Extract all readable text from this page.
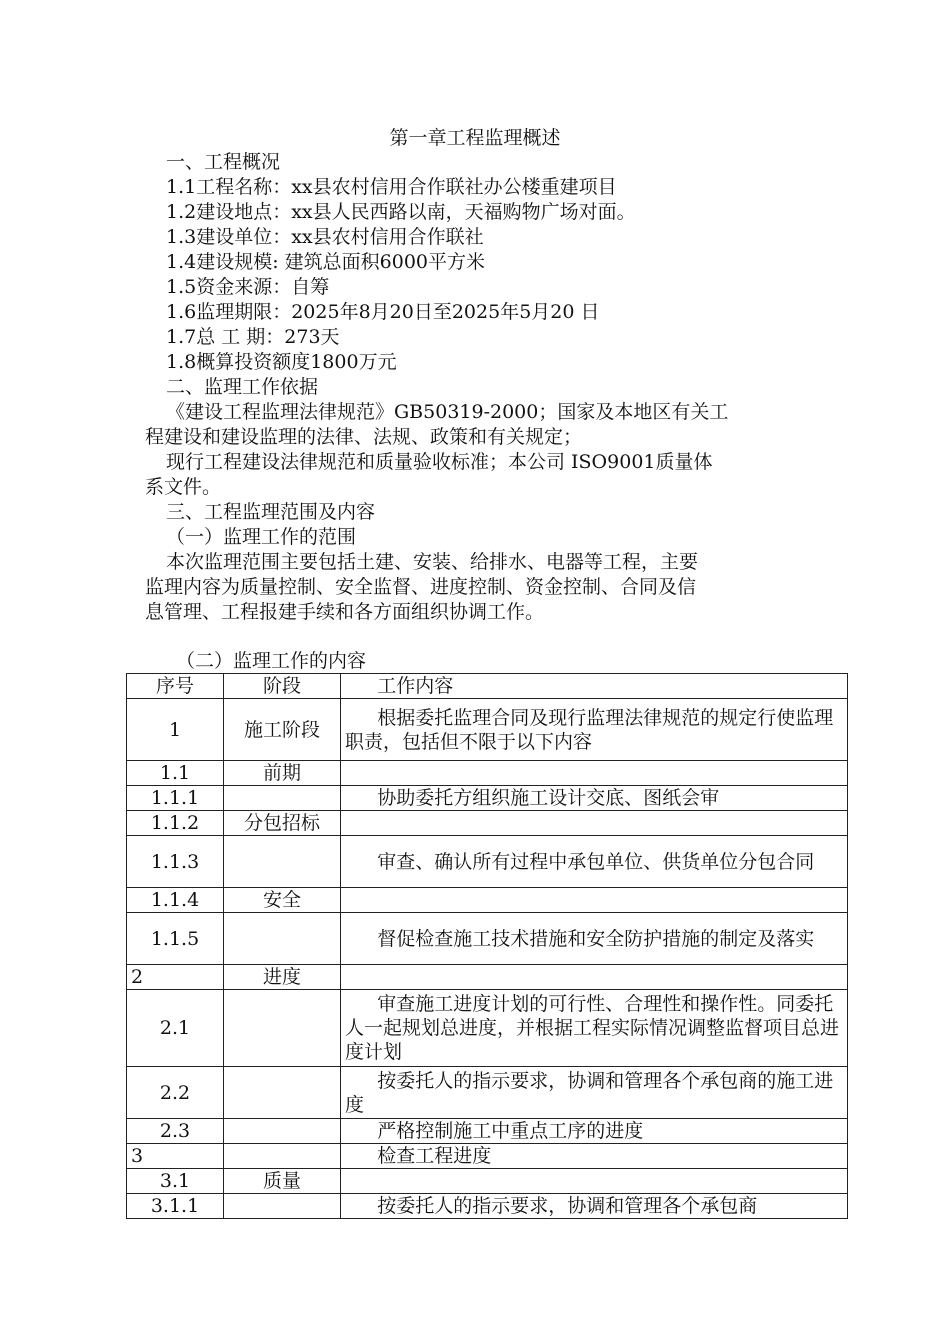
第一章工程监理概述
一、工程概况
1.1工程名称：xx县农村信用合作联社办公楼重建项目
1.2建设地点：xx县人民西路以南，天福购物广场对面。
1.3建设单位：xx县农村信用合作联社
1.4建设规模: 建筑总面积6000平方米
1.5资金来源：自筹
1.6监理期限：2025年8月20日至2025年5月20 日
1.7总 工 期：273天
1.8概算投资额度1800万元
二、监理工作依据
《建设工程监理法律规范》GB50319-2000；国家及本地区有关工
程建设和建设监理的法律、法规、政策和有关规定；
现行工程建设法律规范和质量验收标准；本公司 ISO9001质量体
系文件。
三、工程监理范围及内容
（一）监理工作的范围
本次监理范围主要包括土建、安装、给排水、电器等工程，主要
监理内容为质量控制、安全监督、进度控制、资金控制、合同及信
息管理、工程报建手续和各方面组织协调工作。
（二）监理工作的内容
序号	阶段	工作内容
1	施工阶段	根据委托监理合同及现行监理法律规范的规定行使监理职责，包括但不限于以下内容
1.1	前期	
1.1.1		协助委托方组织施工设计交底、图纸会审
1.1.2	分包招标	
1.1.3		审查、确认所有过程中承包单位、供货单位分包合同
1.1.4	安全	
1.1.5		督促检查施工技术措施和安全防护措施的制定及落实
2	进度	
2.1		审查施工进度计划的可行性、合理性和操作性。同委托人一起规划总进度，并根据工程实际情况调整监督项目总进度计划
2.2		按委托人的指示要求，协调和管理各个承包商的施工进度
2.3		严格控制施工中重点工序的进度
3		检查工程进度
3.1	质量	
3.1.1		按委托人的指示要求，协调和管理各个承包商
